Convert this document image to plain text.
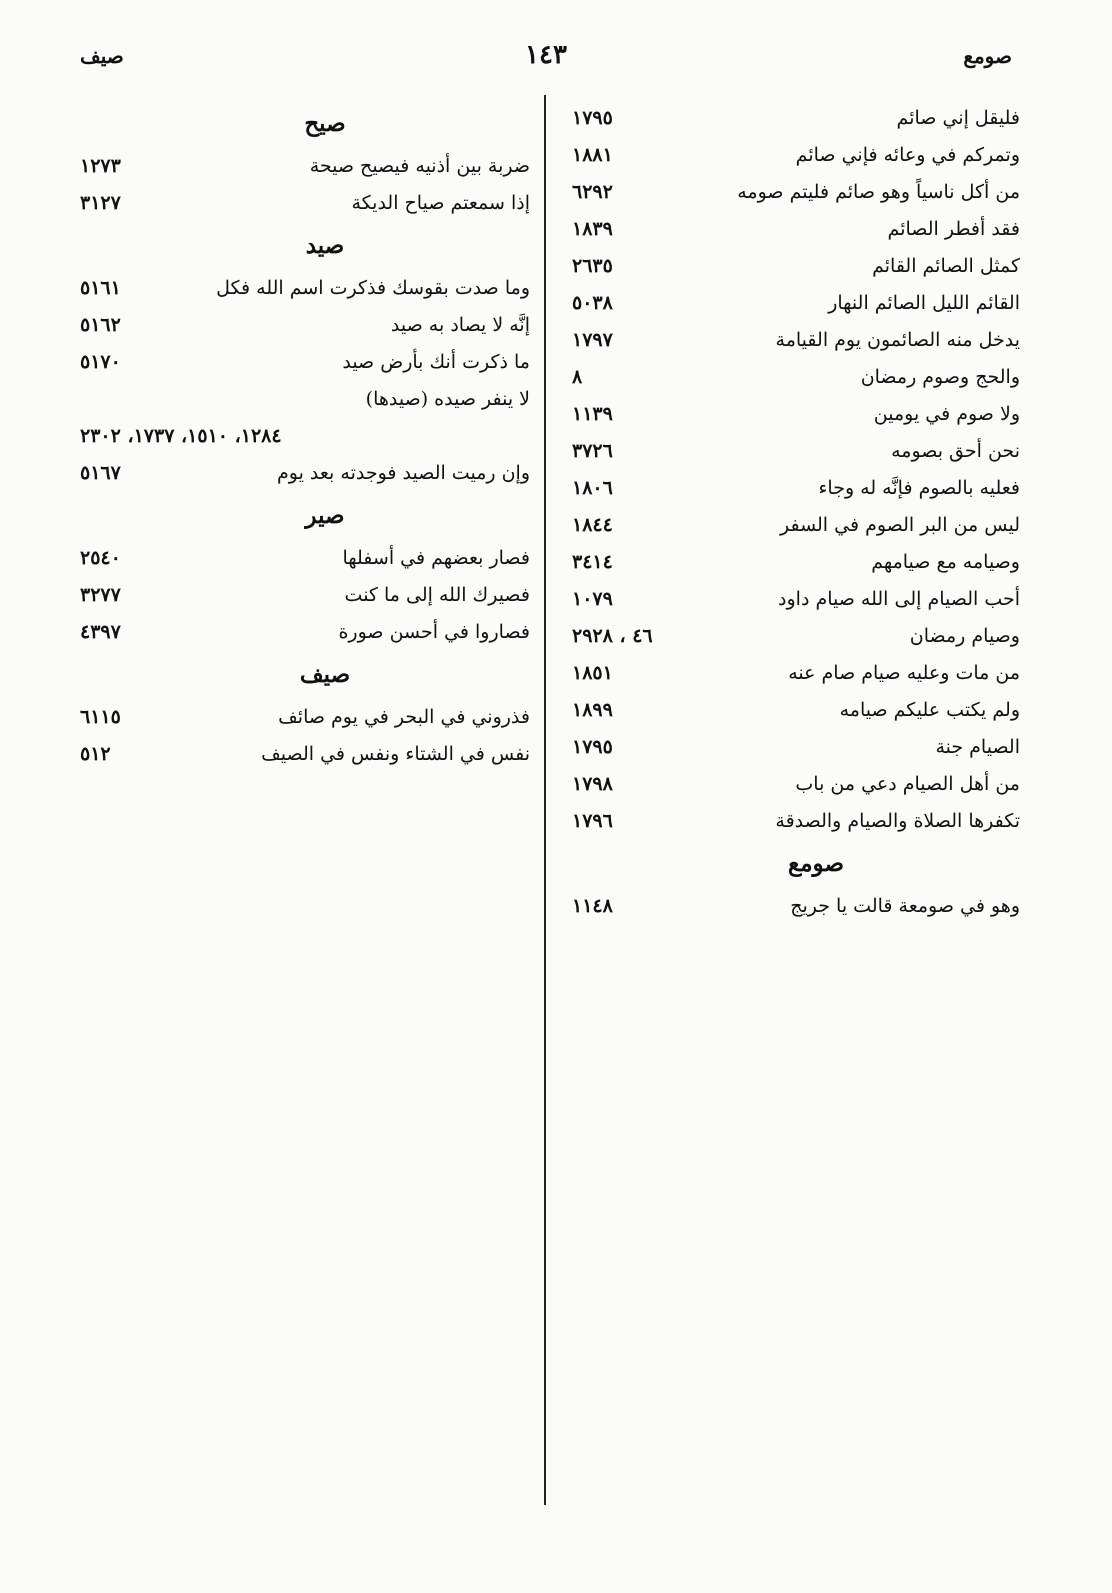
صيف	١٤٣	صومع
فليقل إني صائم
١٧٩٥
وتمركم في وعائه فإني صائم
١٨٨١
من أكل ناسياً وهو صائم فليتم صومه
٦٢٩٢
فقد أفطر الصائم
١٨٣٩
كمثل الصائم القائم
٢٦٣٥
القائم الليل الصائم النهار
٥٠٣٨
يدخل منه الصائمون يوم القيامة
١٧٩٧
والحج وصوم رمضان
٨
ولا صوم في يومين
١١٣٩
نحن أحق بصومه
٣٧٢٦
فعليه بالصوم فإنَّه له وجاء
١٨٠٦
ليس من البر الصوم في السفر
١٨٤٤
وصيامه مع صيامهم
٣٤١٤
أحب الصيام إلى الله صيام داود
١٠٧٩
وصيام رمضان
٤٦ ، ٢٩٢٨
من مات وعليه صيام صام عنه
١٨٥١
ولم يكتب عليكم صيامه
١٨٩٩
الصيام جنة
١٧٩٥
من أهل الصيام دعي من باب
١٧٩٨
تكفرها الصلاة والصيام والصدقة
١٧٩٦
صومع
وهو في صومعة قالت يا جريج
١١٤٨
صيح
ضربة بين أذنيه فيصيح صيحة
١٢٧٣
إذا سمعتم صياح الديكة
٣١٢٧
صيد
وما صدت بقوسك فذكرت اسم الله فكل
٥١٦١
إنَّه لا يصاد به صيد
٥١٦٢
ما ذكرت أنك بأرض صيد
٥١٧٠
لا ينفر صيده (صيدها)
١٢٨٤، ١٥١٠، ١٧٣٧، ٢٣٠٢
وإن رميت الصيد فوجدته بعد يوم
٥١٦٧
صير
فصار بعضهم في أسفلها
٢٥٤٠
فصيرك الله إلى ما كنت
٣٢٧٧
فصاروا في أحسن صورة
٤٣٩٧
صيف
فذروني في البحر في يوم صائف
٦١١٥
نفس في الشتاء ونفس في الصيف
٥١٢
